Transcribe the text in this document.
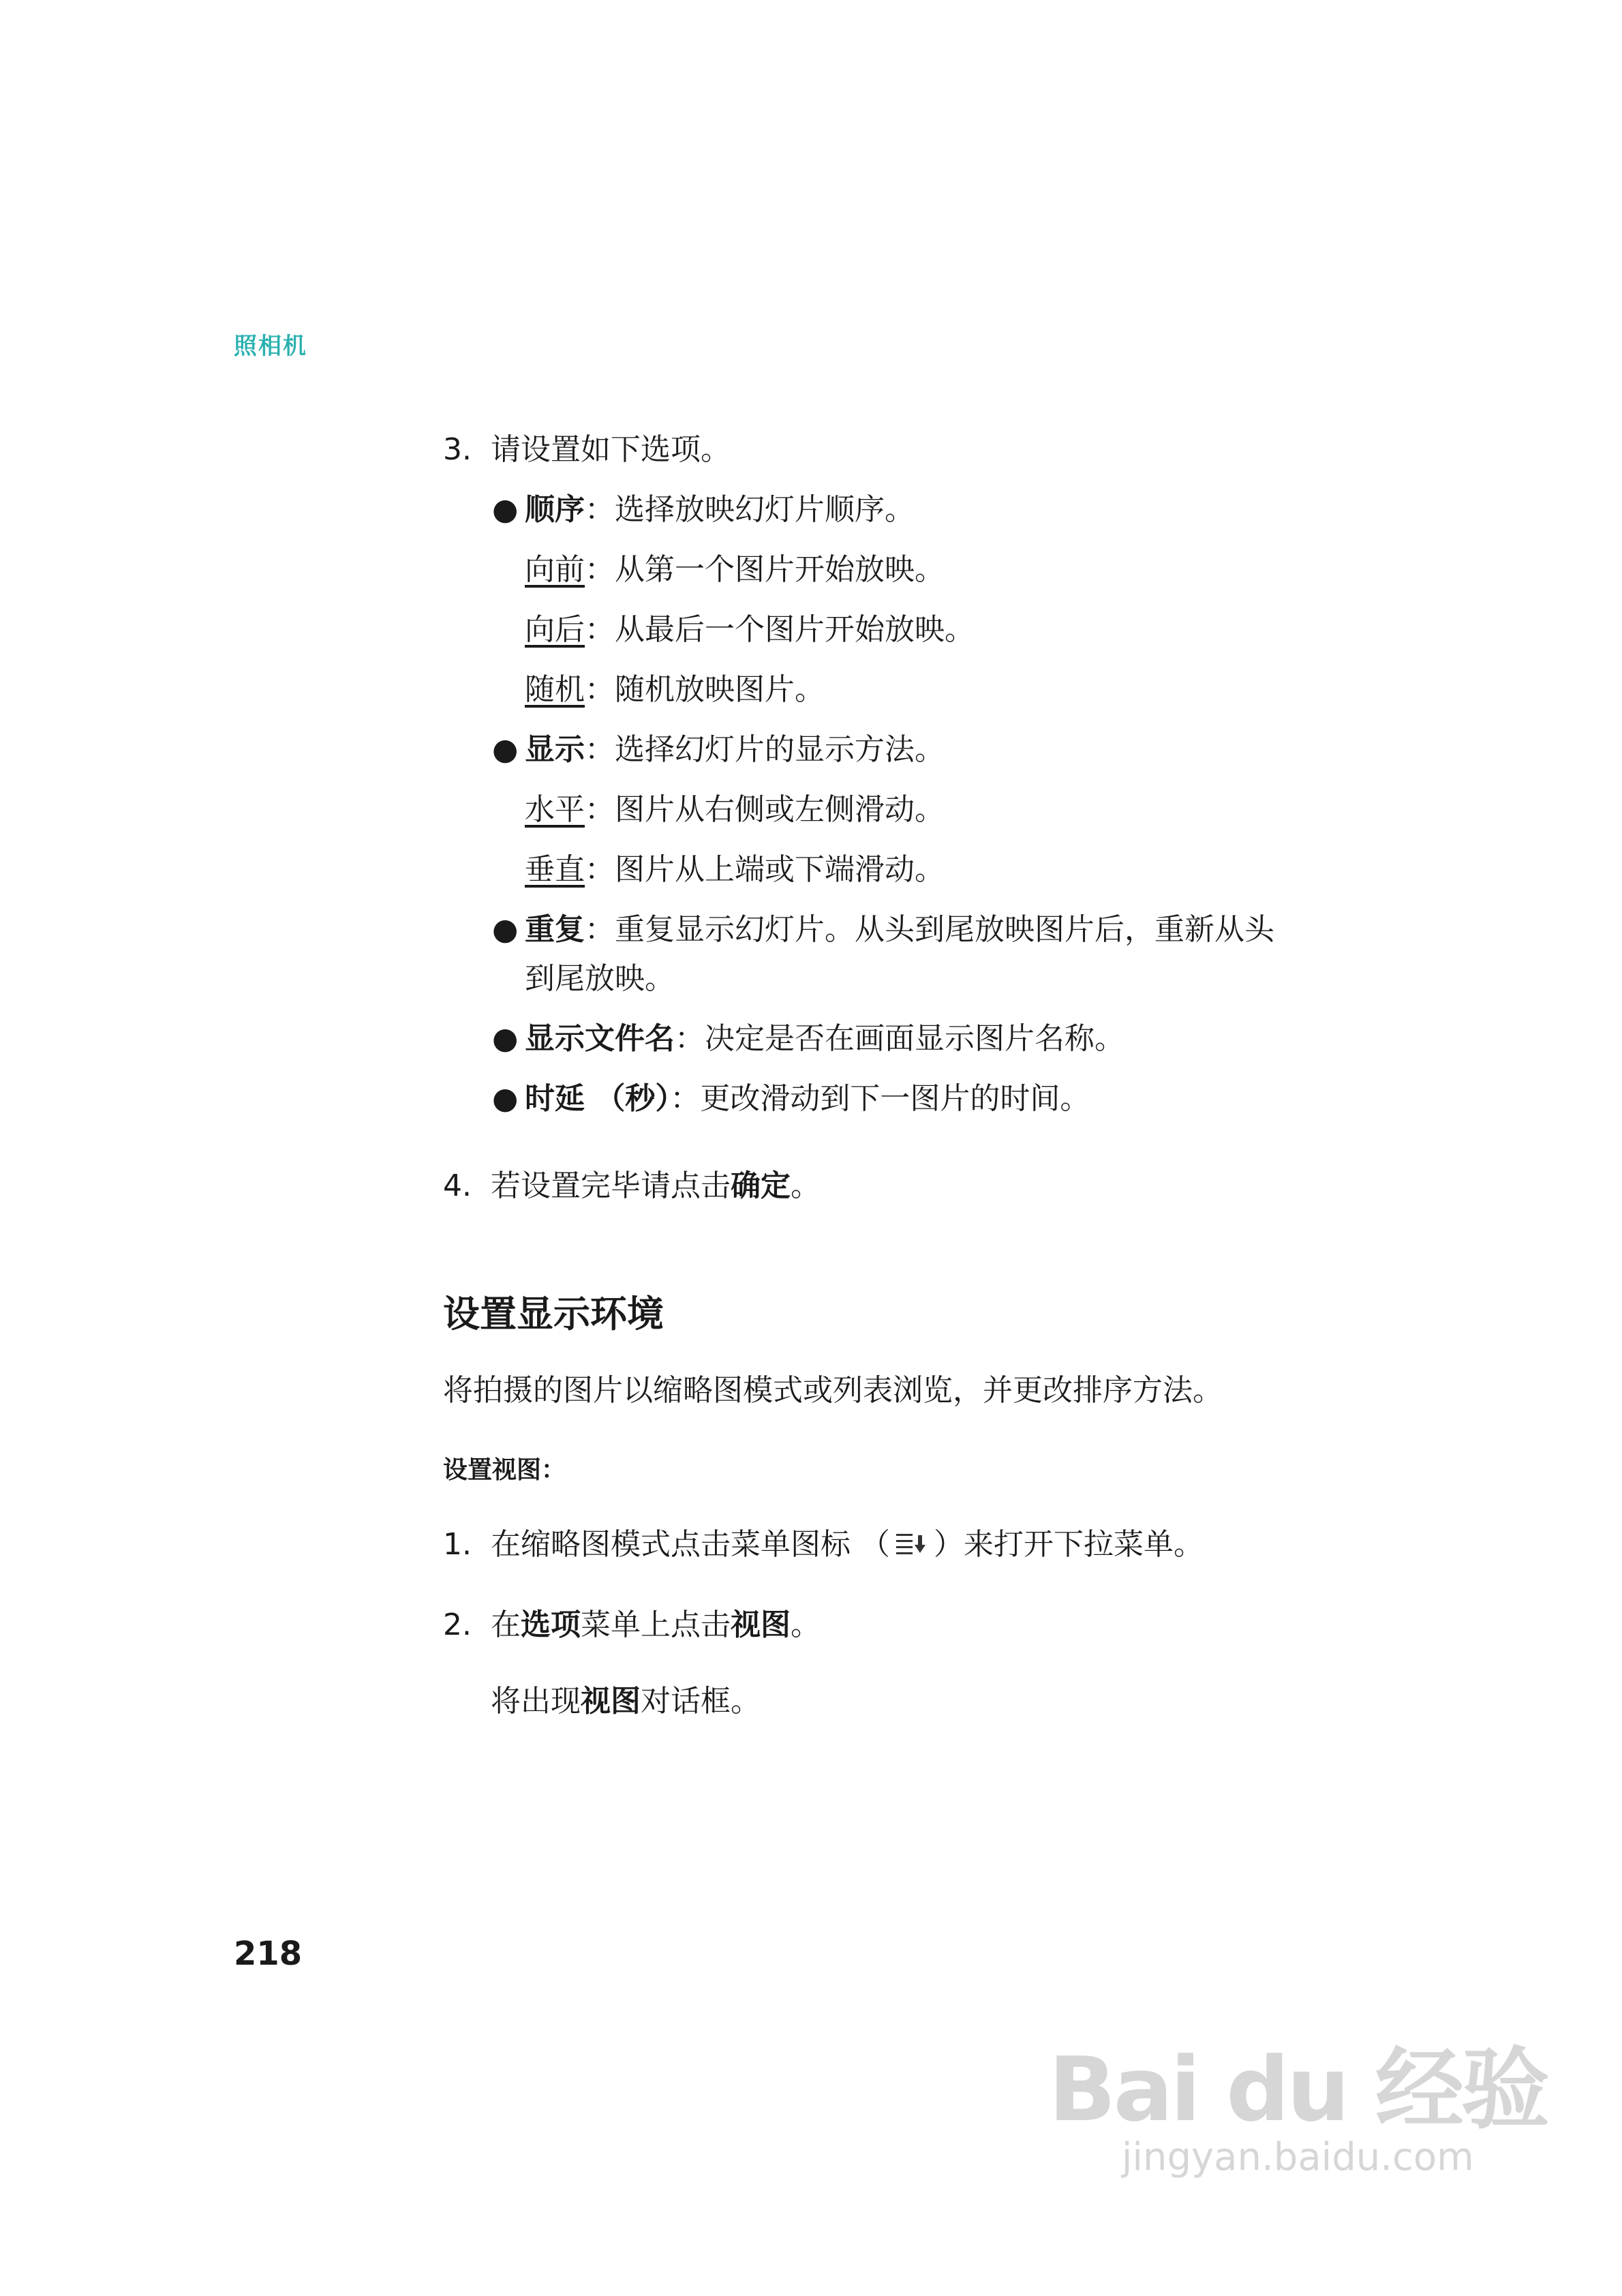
照相机
3. 请设置如下选项。
● 顺序：选择放映幻灯片顺序。
向前：从第一个图片开始放映。
向后：从最后一个图片开始放映。
随机：随机放映图片。
● 显示：选择幻灯片的显示方法。
水平：图片从右侧或左侧滑动。
垂直：图片从上端或下端滑动。
● 重复：重复显示幻灯片。从头到尾放映图片后，重新从头
到尾放映。
● 显示文件名：决定是否在画面显示图片名称。
● 时延 （秒）：更改滑动到下一图片的时间。
4. 若设置完毕请点击确定。
设置显示环境
将拍摄的图片以缩略图模式或列表浏览，并更改排序方法。
设置视图：
1. 在缩略图模式点击菜单图标 （ ）来打开下拉菜单。
2. 在选项菜单上点击视图。
将出现视图对话框。
218
Bai du 经验
jingyan.baidu.com
